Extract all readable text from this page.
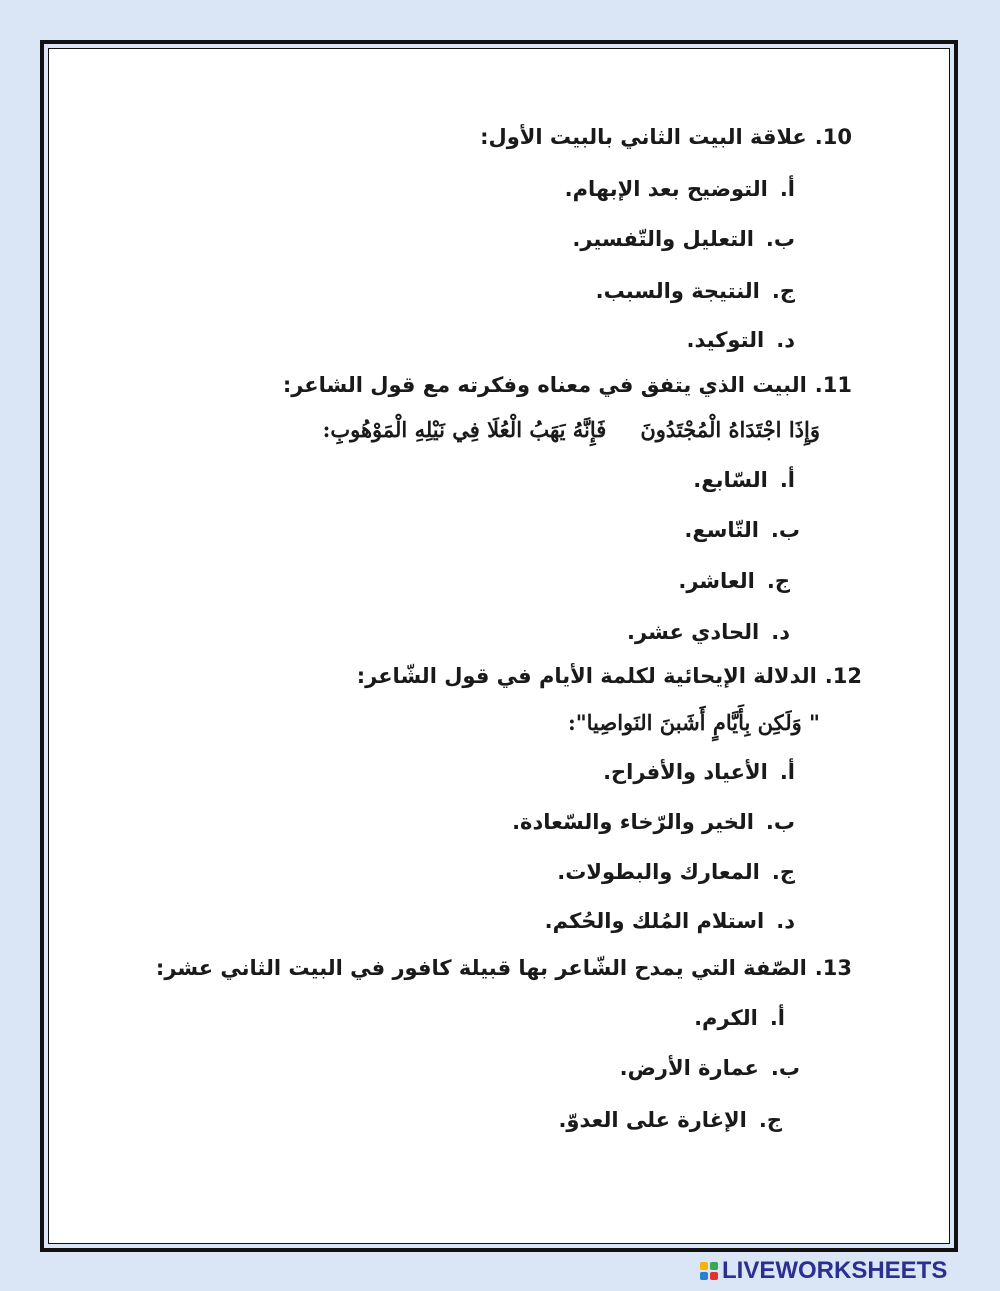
10.علاقة البيت الثاني بالبيت الأول:
أ.التوضيح بعد الإبهام.
ب.التعليل والتّفسير.
ج.النتيجة والسبب.
د.التوكيد.
11.البيت الذي يتفق في معناه وفكرته مع قول الشاعر:
وَإِذَا اجْتَدَاهُ الْمُجْتَدُونَفَإِنَّهُ يَهَبُ الْعُلَا فِي نَيْلِهِ الْمَوْهُوبِ:
أ.السّابع.
ب.التّاسع.
ج.العاشر.
د.الحادي عشر.
12.الدلالة الإيحائية لكلمة الأيام في قول الشّاعر:
" وَلَكِن بِأَيَّامٍ أَشَبنَ النَواصِيا":
أ.الأعياد والأفراح.
ب.الخير والرّخاء والسّعادة.
ج.المعارك والبطولات.
د.استلام المُلك والحُكم.
13.الصّفة التي يمدح الشّاعر بها قبيلة كافور في البيت الثاني عشر:
أ.الكرم.
ب.عمارة الأرض.
ج.الإغارة على العدوّ.
LIVEWORKSHEETS
